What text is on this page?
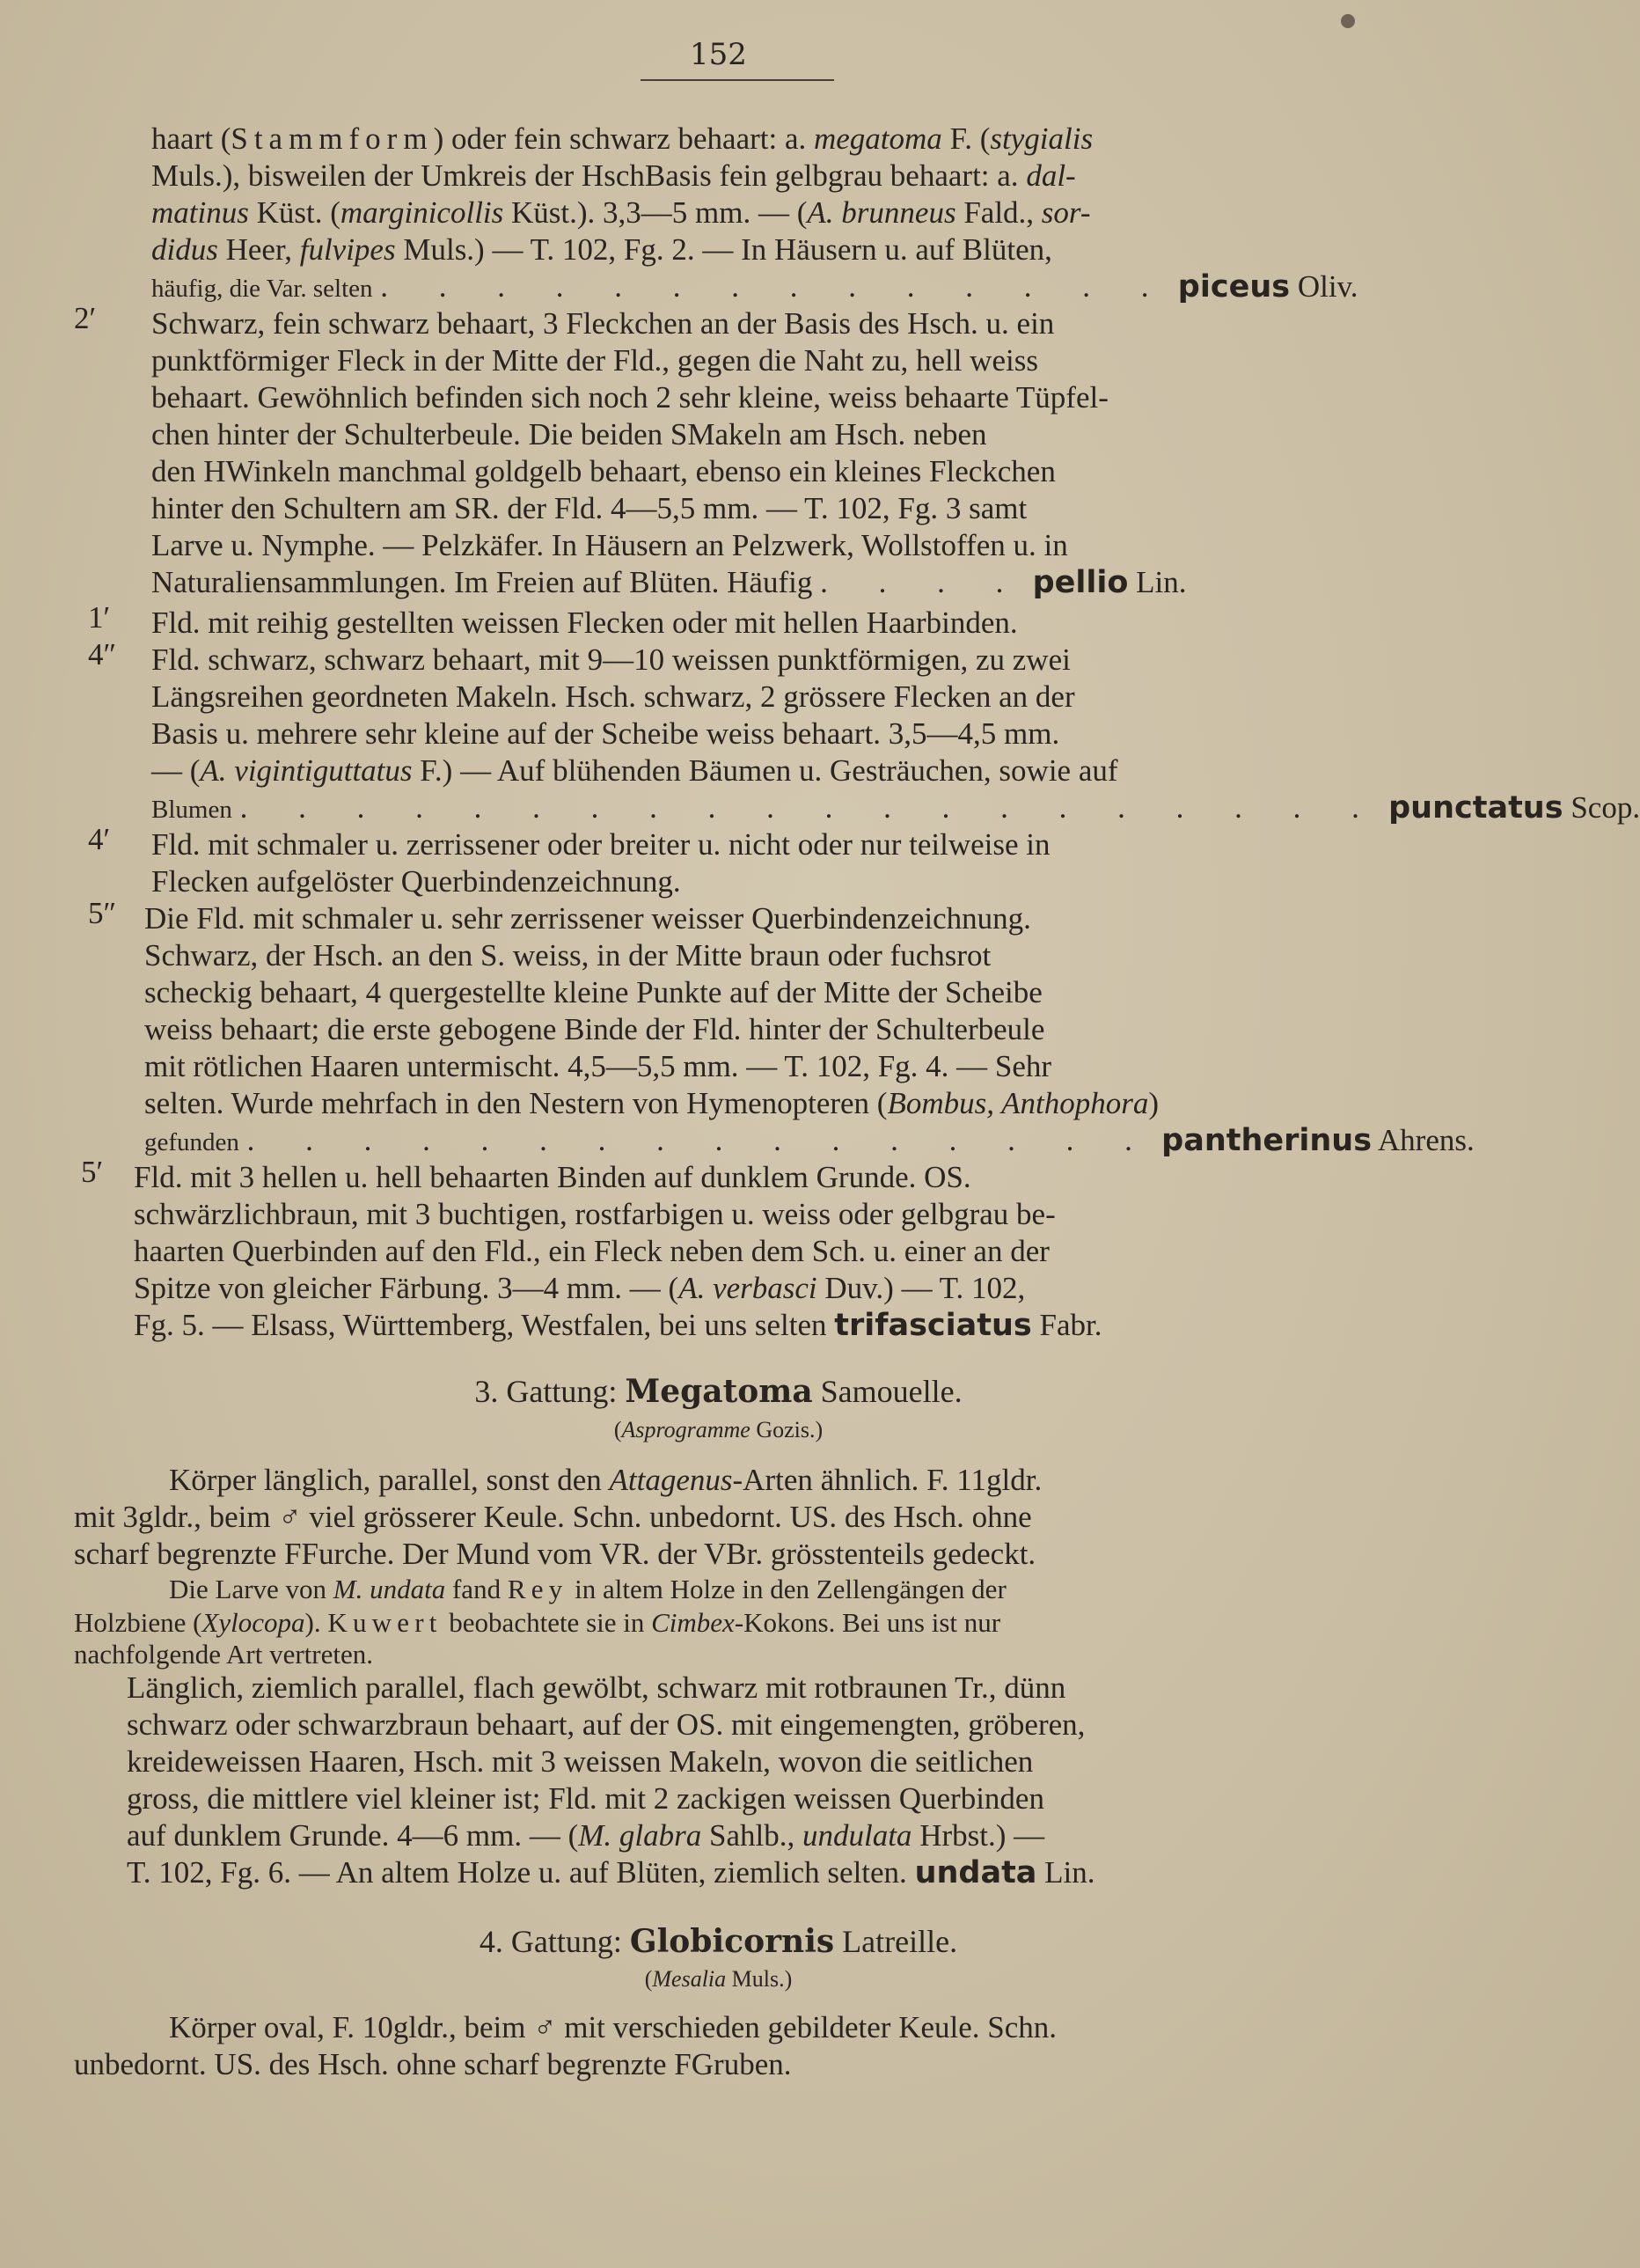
152
haart (Stammform) oder fein schwarz behaart: a. megatoma F. (stygialis
Muls.), bisweilen der Umkreis der HschBasis fein gelbgrau behaart: a. dal-
matinus Küst. (marginicollis Küst.). 3,3—5 mm. — (A. brunneus Fald., sor-
didus Heer, fulvipes Muls.) — T. 102, Fg. 2. — In Häusern u. auf Blüten,
häufig, die Var. selten . . . . . . . . . . . . . . piceus Oliv.
2′ Schwarz, fein schwarz behaart, 3 Fleckchen an der Basis des Hsch. u. ein
punktförmiger Fleck in der Mitte der Fld., gegen die Naht zu, hell weiss
behaart. Gewöhnlich befinden sich noch 2 sehr kleine, weiss behaarte Tüpfel-
chen hinter der Schulterbeule. Die beiden SMakeln am Hsch. neben
den HWinkeln manchmal goldgelb behaart, ebenso ein kleines Fleckchen
hinter den Schultern am SR. der Fld. 4—5,5 mm. — T. 102, Fg. 3 samt
Larve u. Nymphe. — Pelzkäfer. In Häusern an Pelzwerk, Wollstoffen u. in
Naturaliensammlungen. Im Freien auf Blüten. Häufig . . . . pellio Lin.
1′ Fld. mit reihig gestellten weissen Flecken oder mit hellen Haarbinden.
4″ Fld. schwarz, schwarz behaart, mit 9—10 weissen punktförmigen, zu zwei
Längsreihen geordneten Makeln. Hsch. schwarz, 2 grössere Flecken an der
Basis u. mehrere sehr kleine auf der Scheibe weiss behaart. 3,5—4,5 mm.
— (A. vigintiguttatus F.) — Auf blühenden Bäumen u. Gesträuchen, sowie auf
Blumen . . . . . . . . . . . . . . . . . . . . punctatus Scop.
4′ Fld. mit schmaler u. zerrissener oder breiter u. nicht oder nur teilweise in
Flecken aufgelöster Querbindenzeichnung.
5″ Die Fld. mit schmaler u. sehr zerrissener weisser Querbindenzeichnung.
Schwarz, der Hsch. an den S. weiss, in der Mitte braun oder fuchsrot
scheckig behaart, 4 quergestellte kleine Punkte auf der Mitte der Scheibe
weiss behaart; die erste gebogene Binde der Fld. hinter der Schulterbeule
mit rötlichen Haaren untermischt. 4,5—5,5 mm. — T. 102, Fg. 4. — Sehr
selten. Wurde mehrfach in den Nestern von Hymenopteren (Bombus, Anthophora)
gefunden . . . . . . . . . . . . . . . . pantherinus Ahrens.
5′ Fld. mit 3 hellen u. hell behaarten Binden auf dunklem Grunde. OS.
schwärzlichbraun, mit 3 buchtigen, rostfarbigen u. weiss oder gelbgrau be-
haarten Querbinden auf den Fld., ein Fleck neben dem Sch. u. einer an der
Spitze von gleicher Färbung. 3—4 mm. — (A. verbasci Duv.) — T. 102,
Fg. 5. — Elsass, Württemberg, Westfalen, bei uns selten trifasciatus Fabr.
3. Gattung: Megatoma Samouelle.
(Asprogramme Gozis.)
Körper länglich, parallel, sonst den Attagenus-Arten ähnlich. F. 11gldr.
mit 3gldr., beim ♂ viel grösserer Keule. Schn. unbedornt. US. des Hsch. ohne
scharf begrenzte FFurche. Der Mund vom VR. der VBr. grösstenteils gedeckt.
Die Larve von M. undata fand Rey in altem Holze in den Zellengängen der
Holzbiene (Xylocopa). Kuwert beobachtete sie in Cimbex-Kokons. Bei uns ist nur
nachfolgende Art vertreten.
Länglich, ziemlich parallel, flach gewölbt, schwarz mit rotbraunen Tr., dünn
schwarz oder schwarzbraun behaart, auf der OS. mit eingemengten, gröberen,
kreideweissen Haaren, Hsch. mit 3 weissen Makeln, wovon die seitlichen
gross, die mittlere viel kleiner ist; Fld. mit 2 zackigen weissen Querbinden
auf dunklem Grunde. 4—6 mm. — (M. glabra Sahlb., undulata Hrbst.) —
T. 102, Fg. 6. — An altem Holze u. auf Blüten, ziemlich selten. undata Lin.
4. Gattung: Globicornis Latreille.
(Mesalia Muls.)
Körper oval, F. 10gldr., beim ♂ mit verschieden gebildeter Keule. Schn.
unbedornt. US. des Hsch. ohne scharf begrenzte FGruben.
